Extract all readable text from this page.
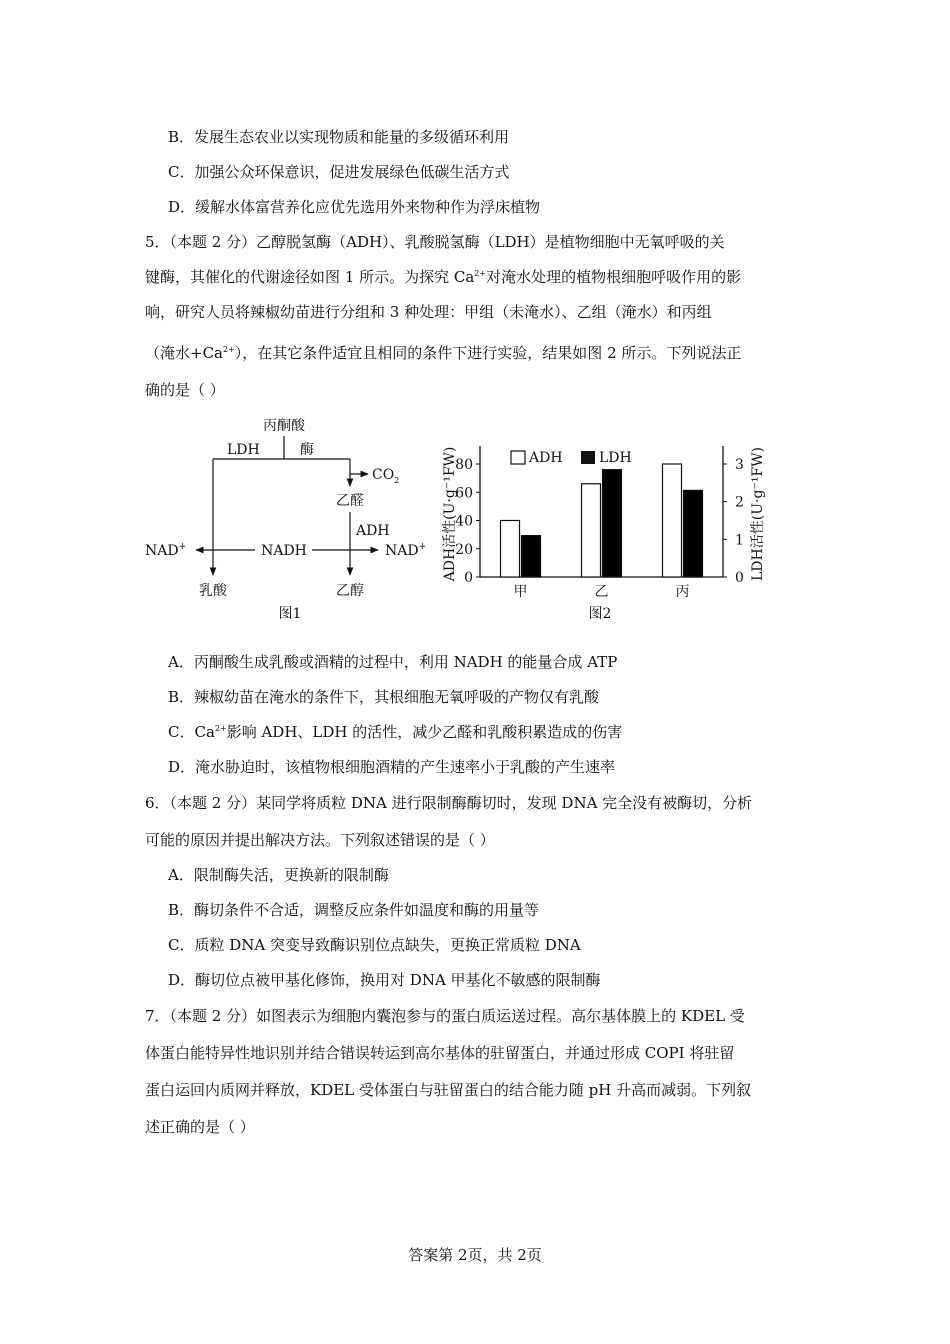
B．发展生态农业以实现物质和能量的多级循环利用
C．加强公众环保意识，促进发展绿色低碳生活方式
D．缓解水体富营养化应优先选用外来物种作为浮床植物
5．（本题 2 分）乙醇脱氢酶（ADH）、乳酸脱氢酶（LDH）是植物细胞中无氧呼吸的关
键酶，其催化的代谢途径如图 1 所示。为探究 $Ca^{2+}$对淹水处理的植物根细胞呼吸作用的影
响，研究人员将辣椒幼苗进行分组和 3 种处理：甲组（未淹水）、乙组（淹水）和丙组
（淹水$+Ca^{2+}$），在其它条件适宜且相同的条件下进行实验，结果如图 2 所示。下列说法正
确的是（ ）
丙酮酸
LDH	酶
$CO_2$
乙醛
ADH
NAD+	NADH	NAD+
乳酸	乙醇
图1
ADH活性(U·g⁻¹FW)	LDH活性(U·g⁻¹FW)
ADH	LDH
图2
0
20
40
60
80
0
1
2
3
甲	乙	丙
A．丙酮酸生成乳酸或酒精的过程中，利用 NADH 的能量合成 ATP
B．辣椒幼苗在淹水的条件下，其根细胞无氧呼吸的产物仅有乳酸
C．$Ca^{2+}$影响 ADH、LDH 的活性，减少乙醛和乳酸积累造成的伤害
D．淹水胁迫时，该植物根细胞酒精的产生速率小于乳酸的产生速率
6．（本题 2 分）某同学将质粒 DNA 进行限制酶酶切时，发现 DNA 完全没有被酶切，分析
可能的原因并提出解决方法。下列叙述错误的是（ ）
A．限制酶失活，更换新的限制酶
B．酶切条件不合适，调整反应条件如温度和酶的用量等
C．质粒 DNA 突变导致酶识别位点缺失，更换正常质粒 DNA
D．酶切位点被甲基化修饰，换用对 DNA 甲基化不敏感的限制酶
7．（本题 2 分）如图表示为细胞内囊泡参与的蛋白质运送过程。高尔基体膜上的 KDEL 受
体蛋白能特异性地识别并结合错误转运到高尔基体的驻留蛋白，并通过形成 COPI 将驻留
蛋白运回内质网并释放，KDEL 受体蛋白与驻留蛋白的结合能力随 pH 升高而减弱。下列叙
述正确的是（ ）
答案第 2页，共 2页
